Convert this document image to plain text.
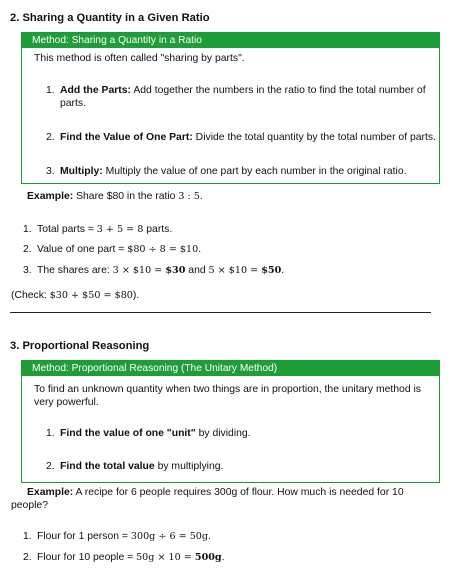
2. Sharing a Quantity in a Given Ratio
Method: Sharing a Quantity in a Ratio
This method is often called "sharing by parts".
1. Add the Parts: Add together the numbers in the ratio to find the total number of
parts.
2. Find the Value of One Part: Divide the total quantity by the total number of parts.
3. Multiply: Multiply the value of one part by each number in the original ratio.
Example: Share $80 in the ratio 3 : 5.
1. Total parts = 3 + 5 = 8 parts.
2. Value of one part = $80 ÷ 8 = $10.
3. The shares are: 3 × $10 = $30 and 5 × $10 = $50.
(Check: $30 + $50 = $80).
3. Proportional Reasoning
Method: Proportional Reasoning (The Unitary Method)
To find an unknown quantity when two things are in proportion, the unitary method is
very powerful.
1. Find the value of one "unit" by dividing.
2. Find the total value by multiplying.
Example: A recipe for 6 people requires 300g of flour. How much is needed for 10
people?
1. Flour for 1 person = 300g ÷ 6 = 50g.
2. Flour for 10 people = 50g × 10 = 500g.
